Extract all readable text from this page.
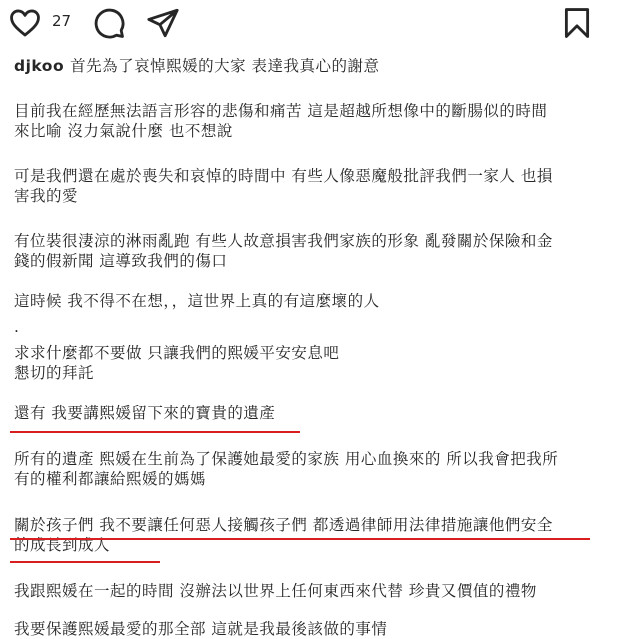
27

djkoo 首先為了哀悼熙媛的大家 表達我真心的謝意

目前我在經歷無法語言形容的悲傷和痛苦 這是超越所想像中的斷腸似的時間

來比喻 沒力氣說什麼 也不想說

可是我們還在處於喪失和哀悼的時間中 有些人像惡魔般批評我們一家人 也損

害我的愛

有位裝很淒涼的淋雨亂跑 有些人故意損害我們家族的形象 亂發關於保險和金

錢的假新聞 這導致我們的傷口

這時候 我不得不在想，，這世界上真的有這麼壞的人

.

求求什麼都不要做 只讓我們的熙媛平安安息吧

懇切的拜託

還有 我要講熙媛留下來的寶貴的遺產

所有的遺產 熙媛在生前為了保護她最愛的家族 用心血換來的 所以我會把我所

有的權利都讓給熙媛的媽媽

關於孩子們 我不要讓任何惡人接觸孩子們 都透過律師用法律措施讓他們安全

的成長到成人

我跟熙媛在一起的時間 沒辦法以世界上任何東西來代替 珍貴又價值的禮物

我要保護熙媛最愛的那全部 這就是我最後該做的事情
